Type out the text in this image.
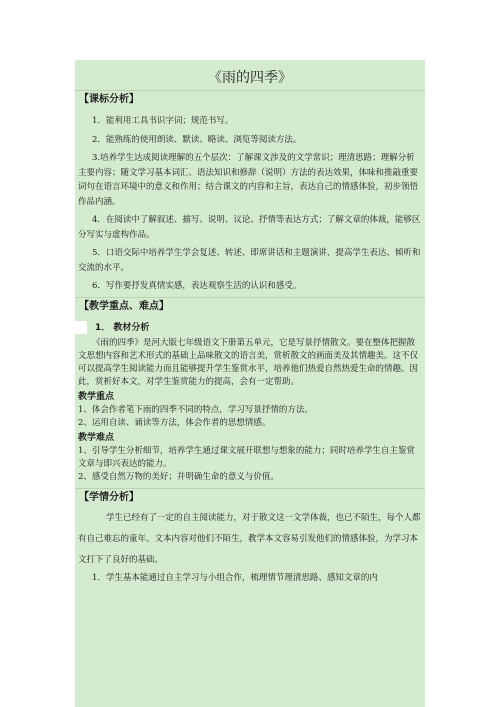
《雨的四季》
【课标分析】
1．能利用工具书识字词；规范书写。
2．能熟练的使用朗读、默读、略读、浏览等阅读方法。
3.培养学生达成阅读理解的五个层次：了解课文涉及的文学常识；理清思路；理解分析主要内容；随文学习基本词汇、语法知识和修辞（说明）方法的表达效果，体味和推敲重要词句在语言环境中的意义和作用；结合课文的内容和主旨，表达自己的情感体验，初步领悟作品内涵。
4．在阅读中了解叙述、描写、说明、议论、抒情等表达方式；了解文章的体裁，能够区分写实与虚构作品。
5．口语交际中培养学生学会复述、转述、即席讲话和主题演讲，提高学生表达、倾听和交流的水平。
6．写作要抒发真情实感，表达观察生活的认识和感受。
【教学重点、难点】
1． 教材分析
《雨的四季》是河大版七年级语文下册第五单元，它是写景抒情散文。要在整体把握散文思想内容和艺术形式的基础上品味散文的语言美，赏析散文的画面美及其情趣美。这不仅可以提高学生阅读能力而且能够提升学生鉴赏水平，培养他们热爱自然热爱生命的情趣。因此，赏析好本文，对学生鉴赏能力的提高，会有一定帮助。
教学重点
1、体会作者笔下雨的四季不同的特点，学习写景抒情的方法。
2、运用自读、诵读等方法，体会作者的思想情感。
教学难点
1、引导学生分析细节，培养学生通过课文展开联想与想象的能力；同时培养学生自主鉴赏文章与即兴表达的能力。
2、感受自然万物的美好；并明确生命的意义与价值。
【学情分析】
学生已经有了一定的自主阅读能力，对于散文这一文学体裁，也已不陌生，每个人都有自己难忘的童年。文本内容对他们不陌生，教学本文容易引发他们的情感体验，为学习本文打下了良好的基础。
1．学生基本能通过自主学习与小组合作，梳理情节理清思路、感知文章的内
